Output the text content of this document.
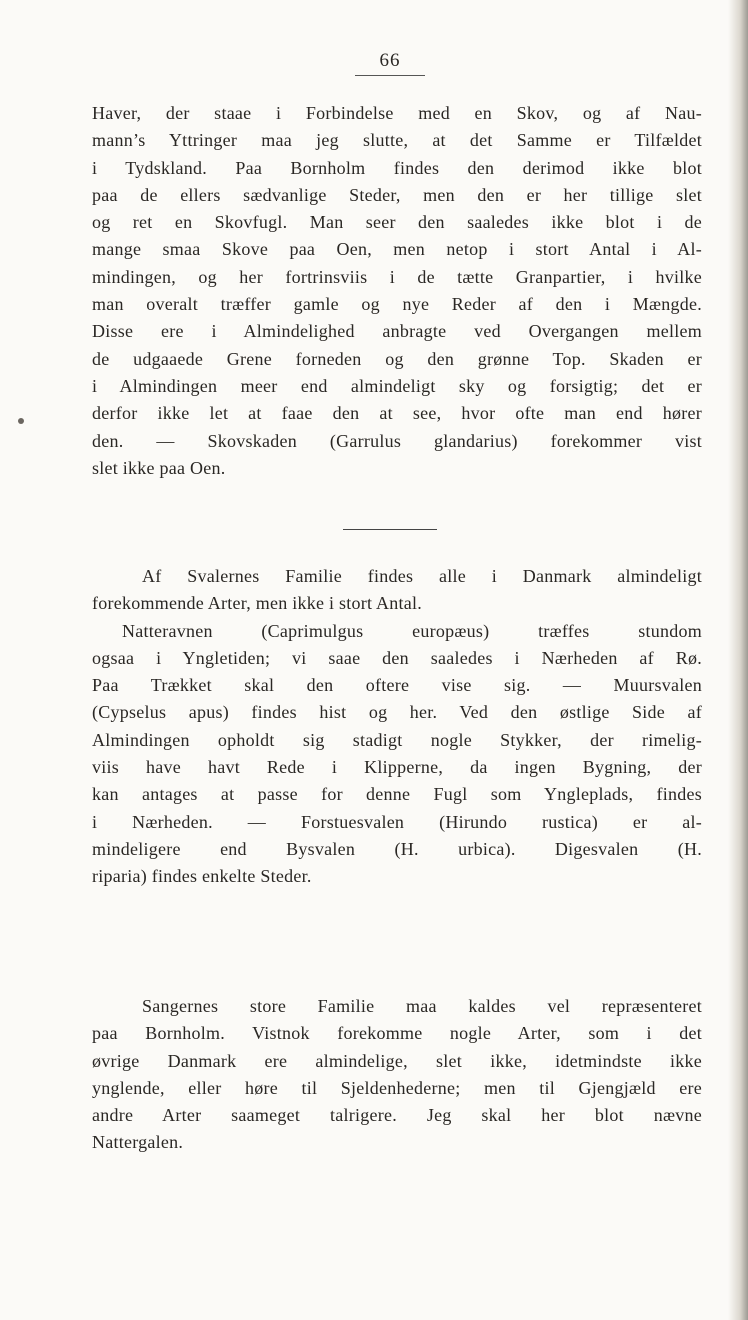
66
Haver, der staae i Forbindelse med en Skov, og af Nau-
mann’s Yttringer maa jeg slutte, at det Samme er Tilfældet
i Tydskland. Paa Bornholm findes den derimod ikke blot
paa de ellers sædvanlige Steder, men den er her tillige slet
og ret en Skovfugl. Man seer den saaledes ikke blot i de
mange smaa Skove paa Oen, men netop i stort Antal i Al-
mindingen, og her fortrinsviis i de tætte Granpartier, i hvilke
man overalt træffer gamle og nye Reder af den i Mængde.
Disse ere i Almindelighed anbragte ved Overgangen mellem
de udgaaede Grene forneden og den grønne Top. Skaden er
i Almindingen meer end almindeligt sky og forsigtig; det er
derfor ikke let at faae den at see, hvor ofte man end hører
den. — Skovskaden (Garrulus glandarius) forekommer vist
slet ikke paa Oen.
Af Svalernes Familie findes alle i Danmark almindeligt
forekommende Arter, men ikke i stort Antal.
Natteravnen (Caprimulgus europæus) træffes stundom
ogsaa i Yngletiden; vi saae den saaledes i Nærheden af Rø.
Paa Trækket skal den oftere vise sig. — Muursvalen
(Cypselus apus) findes hist og her. Ved den østlige Side af
Almindingen opholdt sig stadigt nogle Stykker, der rimelig-
viis have havt Rede i Klipperne, da ingen Bygning, der
kan antages at passe for denne Fugl som Yngleplads, findes
i Nærheden. — Forstuesvalen (Hirundo rustica) er al-
mindeligere end Bysvalen (H. urbica). Digesvalen (H.
riparia) findes enkelte Steder.
Sangernes store Familie maa kaldes vel repræsenteret
paa Bornholm. Vistnok forekomme nogle Arter, som i det
øvrige Danmark ere almindelige, slet ikke, idetmindste ikke
ynglende, eller høre til Sjeldenhederne; men til Gjengjæld ere
andre Arter saameget talrigere. Jeg skal her blot nævne
Nattergalen.
